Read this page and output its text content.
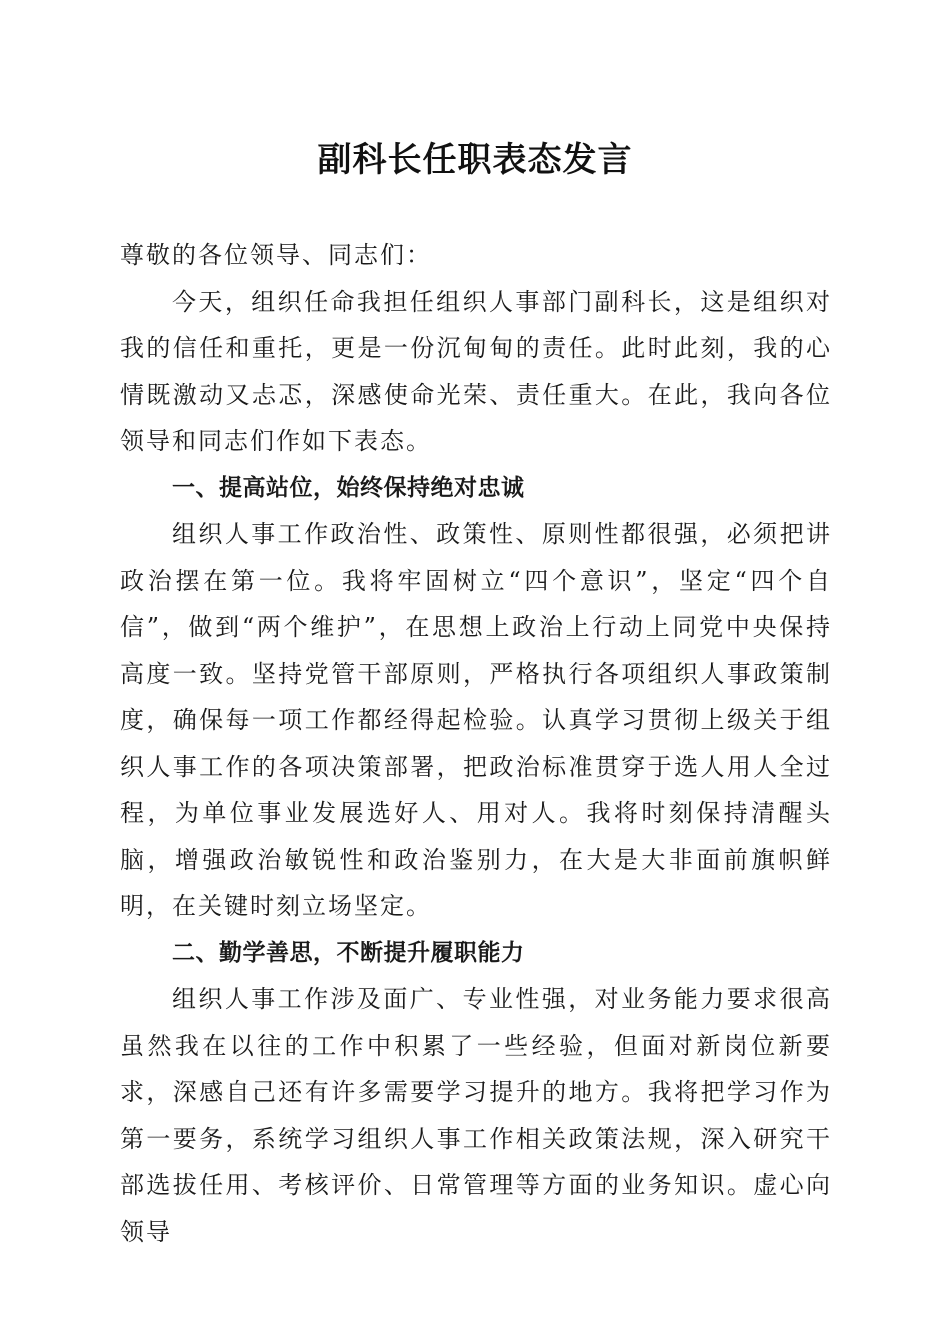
副科长任职表态发言

尊敬的各位领导、同志们：

今天，组织任命我担任组织人事部门副科长，这是组织对我的信任和重托，更是一份沉甸甸的责任。此时此刻，我的心情既激动又忐忑，深感使命光荣、责任重大。在此，我向各位领导和同志们作如下表态。

一、提高站位，始终保持绝对忠诚

组织人事工作政治性、政策性、原则性都很强，必须把讲政治摆在第一位。我将牢固树立“四个意识”，坚定“四个自信”，做到“两个维护”，在思想上政治上行动上同党中央保持高度一致。坚持党管干部原则，严格执行各项组织人事政策制度，确保每一项工作都经得起检验。认真学习贯彻上级关于组织人事工作的各项决策部署，把政治标准贯穿于选人用人全过程，为单位事业发展选好人、用对人。我将时刻保持清醒头脑，增强政治敏锐性和政治鉴别力，在大是大非面前旗帜鲜明，在关键时刻立场坚定。

二、勤学善思，不断提升履职能力

组织人事工作涉及面广、专业性强，对业务能力要求很高虽然我在以往的工作中积累了一些经验，但面对新岗位新要求，深感自己还有许多需要学习提升的地方。我将把学习作为第一要务，系统学习组织人事工作相关政策法规，深入研究干部选拔任用、考核评价、日常管理等方面的业务知识。虚心向领导
